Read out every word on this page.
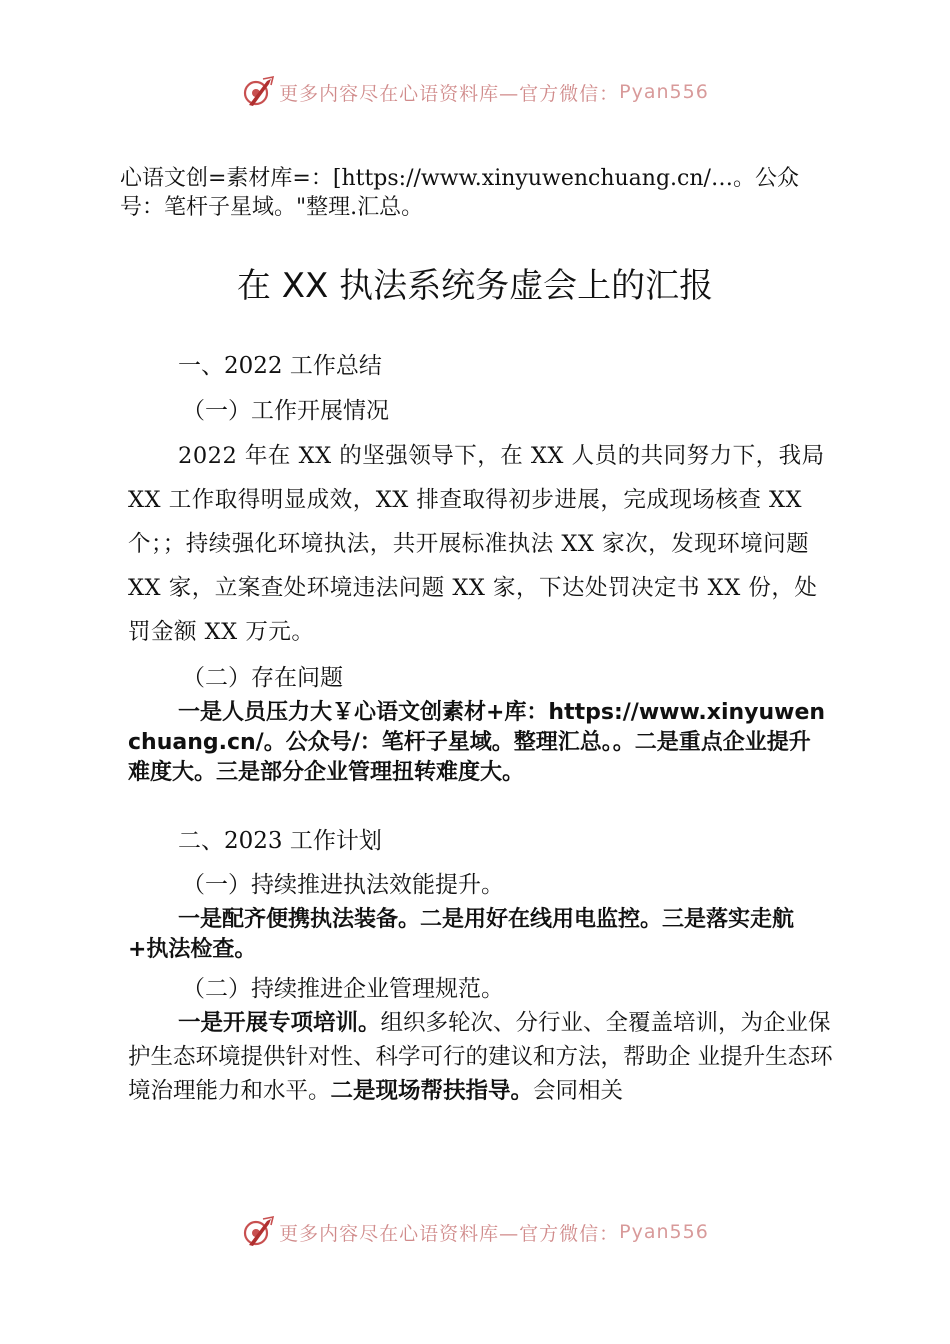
更多内容尽在心语资料库—官方微信： Pyan556
心语文创=素材库=：[https://www.xinyuwenchuang.cn/…。公众号：笔杆子星域。"整理.汇总。
在 XX 执法系统务虚会上的汇报
一、2022 工作总结
（一）工作开展情况

2022 年在 XX 的坚强领导下，在 XX 人员的共同努力下，我局 XX 工作取得明显成效，XX 排查取得初步进展，完成现场核查 XX 个；；持续强化环境执法，共开展标准执法 XX 家次，发现环境问题 XX 家，立案查处环境违法问题 XX 家，下达处罚决定书 XX 份，处罚金额 XX 万元。

（二）存在问题

一是人员压力大￥心语文创素材+库：https://www.xinyuwenchuang.cn/。公众号/：笔杆子星域。整理汇总。。二是重点企业提升难度大。三是部分企业管理扭转难度大。

二、2023 工作计划
（一）持续推进执法效能提升。

一是配齐便携执法装备。二是用好在线用电监控。三是落实走航+执法检查。

（二）持续推进企业管理规范。

一是开展专项培训。组织多轮次、分行业、全覆盖培训，为企业保护生态环境提供针对性、科学可行的建议和方法，帮助企 业提升生态环境治理能力和水平。二是现场帮扶指导。会同相关

更多内容尽在心语资料库—官方微信： Pyan556
